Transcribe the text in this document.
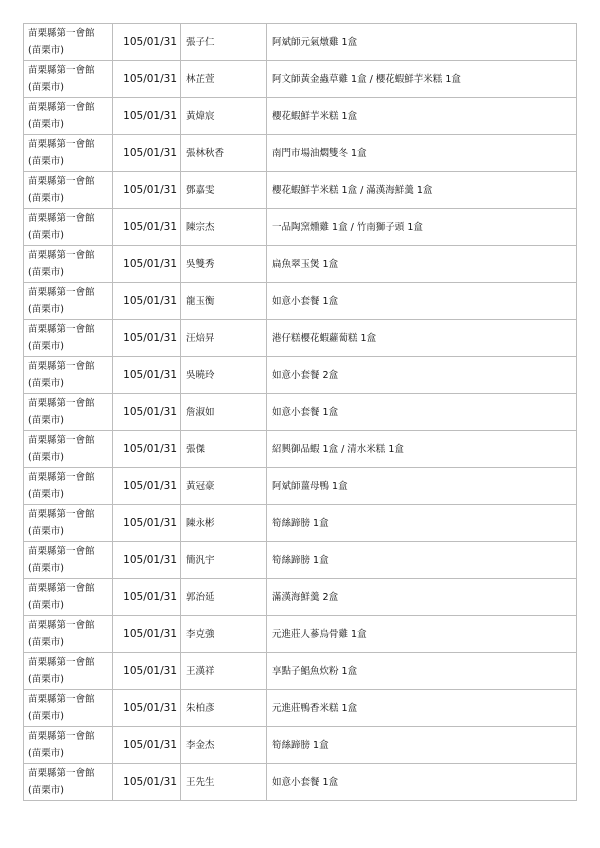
苗栗縣第一會館
(苗栗市)	105/01/31	張子仁	阿斌師元氣燉雞 1盒

苗栗縣第一會館
(苗栗市)	105/01/31	林芷萱	阿文師黃金蟲草雞 1盒 / 櫻花蝦鮮芋米糕 1盒

苗栗縣第一會館
(苗栗市)	105/01/31	黃煒宸	櫻花蝦鮮芋米糕 1盒

苗栗縣第一會館
(苗栗市)	105/01/31	張林秋香	南門市場油燜雙冬 1盒

苗栗縣第一會館
(苗栗市)	105/01/31	鄧嘉雯	櫻花蝦鮮芋米糕 1盒 / 滿漢海鮮羹 1盒

苗栗縣第一會館
(苗栗市)	105/01/31	陳宗杰	一品陶窯燻雞 1盒 / 竹南獅子頭 1盒

苗栗縣第一會館
(苗栗市)	105/01/31	吳雙秀	扁魚翠玉煲 1盒

苗栗縣第一會館
(苗栗市)	105/01/31	龍玉衡	如意小套餐 1盒

苗栗縣第一會館
(苗栗市)	105/01/31	汪焙昇	港仔糕櫻花蝦蘿蔔糕 1盒

苗栗縣第一會館
(苗栗市)	105/01/31	吳曉玲	如意小套餐 2盒

苗栗縣第一會館
(苗栗市)	105/01/31	詹淑如	如意小套餐 1盒

苗栗縣第一會館
(苗栗市)	105/01/31	張傑	紹興御品蝦 1盒 / 清水米糕 1盒

苗栗縣第一會館
(苗栗市)	105/01/31	黃冠豪	阿斌師薑母鴨 1盒

苗栗縣第一會館
(苗栗市)	105/01/31	陳永彬	筍絲蹄膀 1盒

苗栗縣第一會館
(苗栗市)	105/01/31	簡汎宇	筍絲蹄膀 1盒

苗栗縣第一會館
(苗栗市)	105/01/31	郭治延	滿漢海鮮羹 2盒

苗栗縣第一會館
(苗栗市)	105/01/31	李克強	元進莊人蔘烏骨雞 1盒

苗栗縣第一會館
(苗栗市)	105/01/31	王漢祥	享點子鯧魚炊粉 1盒

苗栗縣第一會館
(苗栗市)	105/01/31	朱柏彥	元進莊鴨香米糕 1盒

苗栗縣第一會館
(苗栗市)	105/01/31	李金杰	筍絲蹄膀 1盒

苗栗縣第一會館
(苗栗市)	105/01/31	王先生	如意小套餐 1盒
